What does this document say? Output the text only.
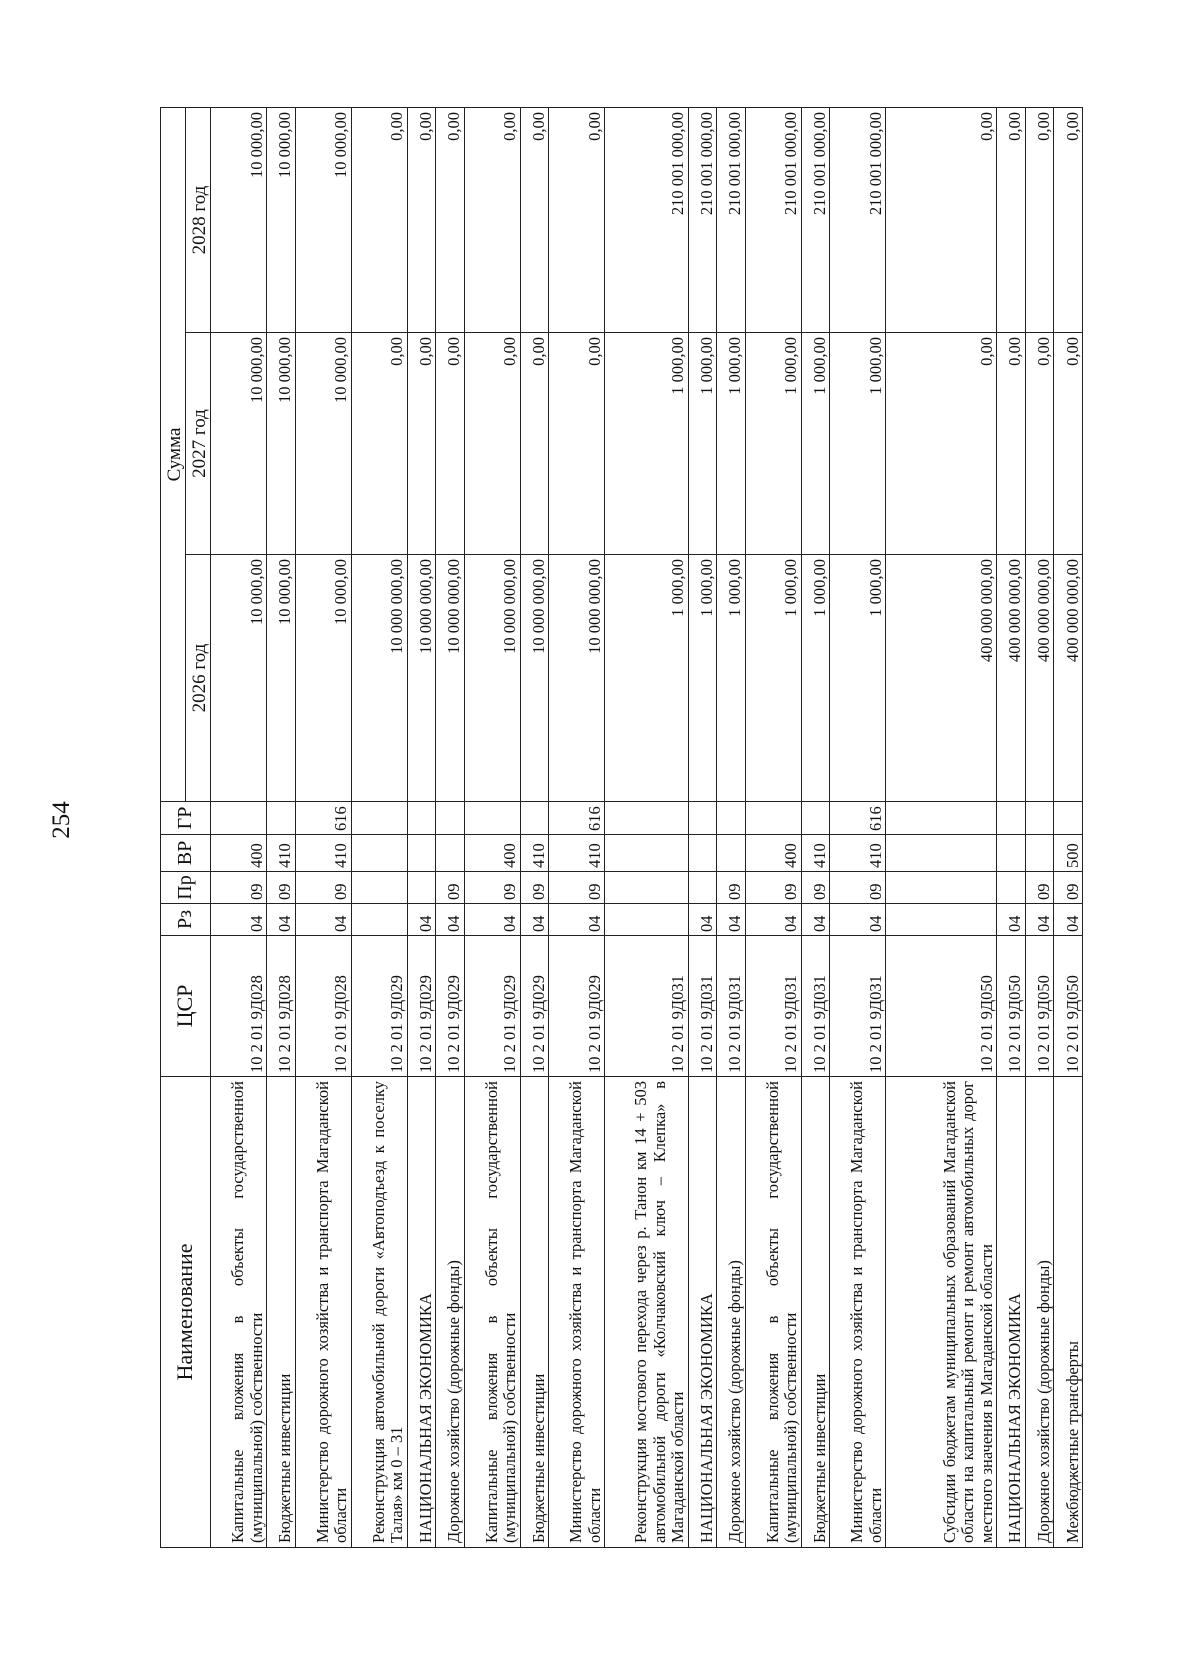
254
Наименование	ЦСР	Рз	Пр	ВР	ГР	Сумма		
						2026 год	2027 год	2028 год
Капитальные вложения в объекты государственной (муниципальной) собственности	10 2 01 9Д028	04	09	400		10 000,00	10 000,00	10 000,00
Бюджетные инвестиции	10 2 01 9Д028	04	09	410		10 000,00	10 000,00	10 000,00
Министерство дорожного хозяйства и транспорта Магаданской области	10 2 01 9Д028	04	09	410	616	10 000,00	10 000,00	10 000,00
Реконструкция автомобильной дороги «Автоподъезд к поселку Талая» км 0 – 31	10 2 01 9Д029					10 000 000,00	0,00	0,00
НАЦИОНАЛЬНАЯ ЭКОНОМИКА	10 2 01 9Д029	04				10 000 000,00	0,00	0,00
Дорожное хозяйство (дорожные фонды)	10 2 01 9Д029	04	09			10 000 000,00	0,00	0,00
Капитальные вложения в объекты государственной (муниципальной) собственности	10 2 01 9Д029	04	09	400		10 000 000,00	0,00	0,00
Бюджетные инвестиции	10 2 01 9Д029	04	09	410		10 000 000,00	0,00	0,00
Министерство дорожного хозяйства и транспорта Магаданской области	10 2 01 9Д029	04	09	410	616	10 000 000,00	0,00	0,00
Реконструкция мостового перехода через р. Танон км 14 + 503 автомобильной дороги «Колчаковский ключ – Клепка» в Магаданской области	10 2 01 9Д031					1 000,00	1 000,00	210 001 000,00
НАЦИОНАЛЬНАЯ ЭКОНОМИКА	10 2 01 9Д031	04				1 000,00	1 000,00	210 001 000,00
Дорожное хозяйство (дорожные фонды)	10 2 01 9Д031	04	09			1 000,00	1 000,00	210 001 000,00
Капитальные вложения в объекты государственной (муниципальной) собственности	10 2 01 9Д031	04	09	400		1 000,00	1 000,00	210 001 000,00
Бюджетные инвестиции	10 2 01 9Д031	04	09	410		1 000,00	1 000,00	210 001 000,00
Министерство дорожного хозяйства и транспорта Магаданской области	10 2 01 9Д031	04	09	410	616	1 000,00	1 000,00	210 001 000,00
Субсидии бюджетам муниципальных образований Магаданской области на капитальный ремонт и ремонт автомобильных дорог местного значения в Магаданской области	10 2 01 9Д050					400 000 000,00	0,00	0,00
НАЦИОНАЛЬНАЯ ЭКОНОМИКА	10 2 01 9Д050	04				400 000 000,00	0,00	0,00
Дорожное хозяйство (дорожные фонды)	10 2 01 9Д050	04	09			400 000 000,00	0,00	0,00
Межбюджетные трансферты	10 2 01 9Д050	04	09	500		400 000 000,00	0,00	0,00
